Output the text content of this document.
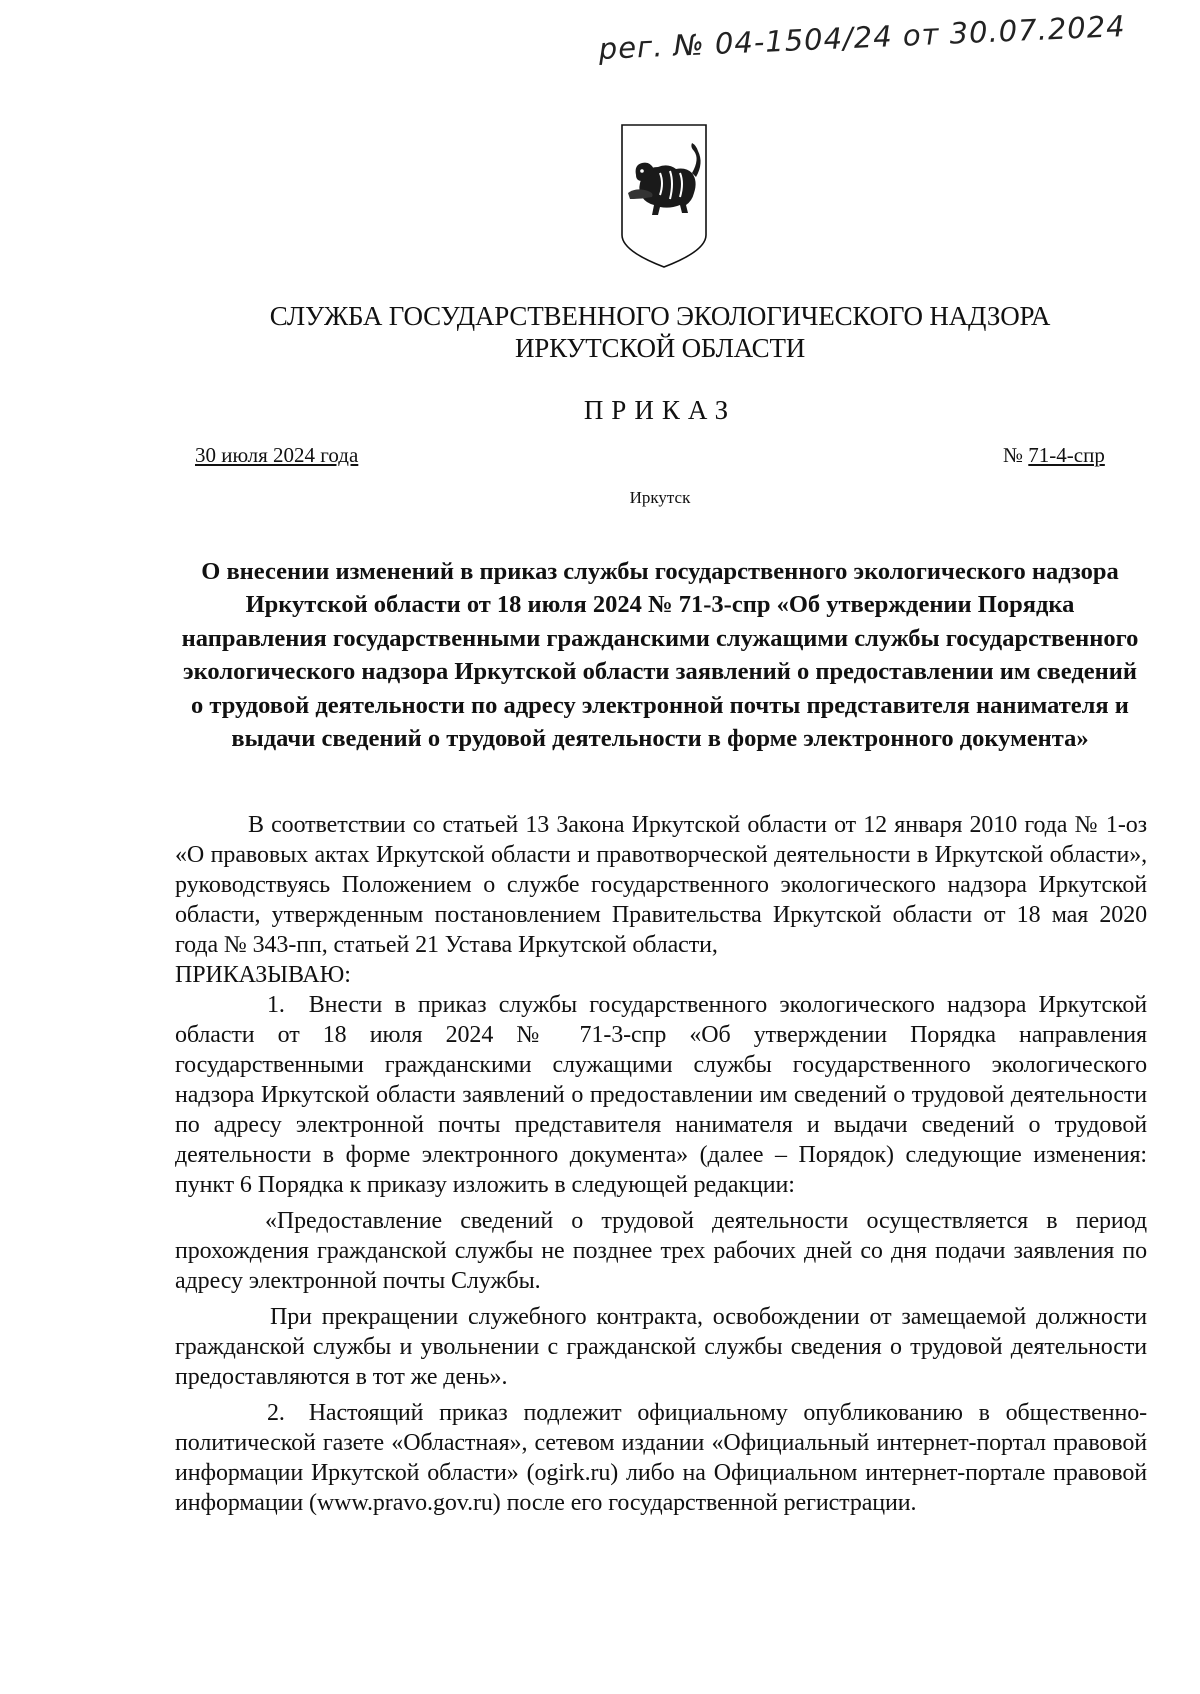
рег. № 04-1504/24 от 30.07.2024
СЛУЖБА ГОСУДАРСТВЕННОГО ЭКОЛОГИЧЕСКОГО НАДЗОРА
ИРКУТСКОЙ ОБЛАСТИ
ПРИКАЗ
30 июля 2024 года	№ 71-4-спр
Иркутск
О внесении изменений в приказ службы государственного экологического надзора Иркутской области от 18 июля 2024 № 71-3-спр «Об утверждении Порядка направления государственными гражданскими служащими службы государственного экологического надзора Иркутской области заявлений о предоставлении им сведений о трудовой деятельности по адресу электронной почты представителя нанимателя и выдачи сведений о трудовой деятельности в форме электронного документа»

В соответствии со статьей 13 Закона Иркутской области от 12 января 2010 года № 1-оз «О правовых актах Иркутской области и правотворческой деятельности в Иркутской области», руководствуясь Положением о службе государственного экологического надзора Иркутской области, утвержденным постановлением Правительства Иркутской области от 18 мая 2020 года № 343-пп, статьей 21 Устава Иркутской области,

ПРИКАЗЫВАЮ:

1. Внести в приказ службы государственного экологического надзора Иркутской области от 18 июля 2024 № 71-3-спр «Об утверждении Порядка направления государственными гражданскими служащими службы государственного экологического надзора Иркутской области заявлений о предоставлении им сведений о трудовой деятельности по адресу электронной почты представителя нанимателя и выдачи сведений о трудовой деятельности в форме электронного документа» (далее – Порядок) следующие изменения: пункт 6 Порядка к приказу изложить в следующей редакции:

«Предоставление сведений о трудовой деятельности осуществляется в период прохождения гражданской службы не позднее трех рабочих дней со дня подачи заявления по адресу электронной почты Службы.

При прекращении служебного контракта, освобождении от замещаемой должности гражданской службы и увольнении с гражданской службы сведения о трудовой деятельности предоставляются в тот же день».

2. Настоящий приказ подлежит официальному опубликованию в общественно-политической газете «Областная», сетевом издании «Официальный интернет-портал правовой информации Иркутской области» (ogirk.ru) либо на Официальном интернет-портале правовой информации (www.pravo.gov.ru) после его государственной регистрации.
